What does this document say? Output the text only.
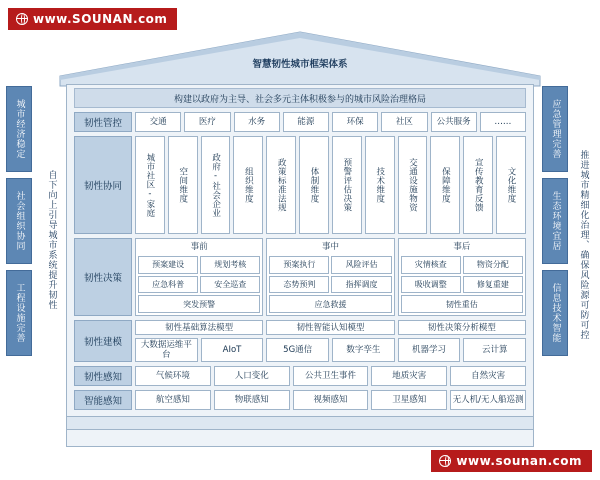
智慧韧性城市框架体系
构建以政府为主导、社会多元主体积极参与的城市风险治理格局
城市经济稳定
社会组织协同
工程设施完善
应急管理完善
生态环境宜居
信息技术智能
自下向上引导城市系统提升韧性	推进城市精细化治理、确保风险源可防可控
韧性管控	交通	医疗	水务	能源	环保	社区	公共服务	……
韧性协同	城市社区-家庭	空间维度	政府-社会企业	组织维度	政策标准法规	体制维度	预警评估决策	技术维度	交通设施物资	保障维度	宣传教育反馈	文化维度
韧性决策
事前
预案建设	规划考核
应急科普	安全巡查
突发预警
事中
预案执行	风险评估
态势预判	指挥调度
应急救援
事后
灾情核查	物资分配
吸收调整	修复重建
韧性重估
韧性建模
韧性基础算法模型	韧性智能认知模型	韧性决策分析模型
大数据运维平台	AIoT	5G通信	数字孪生	机器学习	云计算
韧性感知	气候环境	人口变化	公共卫生事件	地质灾害	自然灾害
智能感知	航空感知	物联感知	视频感知	卫星感知	无人机/无人船巡测
www.SOUNAN.com
www.sounan.com
